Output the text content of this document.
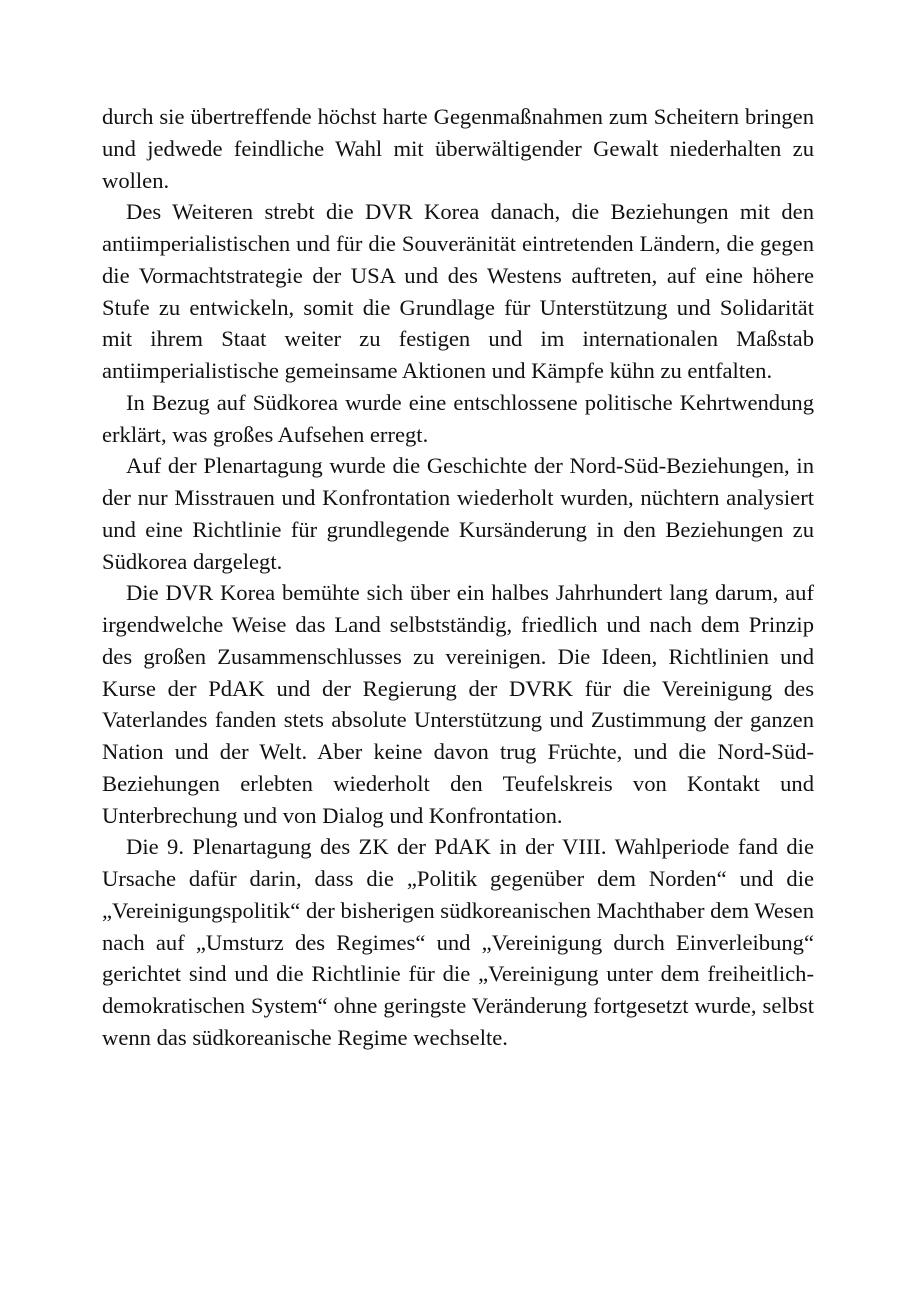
durch sie übertreffende höchst harte Gegenmaßnahmen zum Scheitern bringen und jedwede feindliche Wahl mit überwältigender Gewalt niederhalten zu wollen.

Des Weiteren strebt die DVR Korea danach, die Beziehungen mit den antiimperialistischen und für die Souveränität eintretenden Ländern, die gegen die Vormachtstrategie der USA und des Westens auftreten, auf eine höhere Stufe zu entwickeln, somit die Grundlage für Unterstützung und Solidarität mit ihrem Staat weiter zu festigen und im internationalen Maßstab antiimperialistische gemeinsame Aktionen und Kämpfe kühn zu entfalten.

In Bezug auf Südkorea wurde eine entschlossene politische Kehrtwendung erklärt, was großes Aufsehen erregt.

Auf der Plenartagung wurde die Geschichte der Nord-Süd-Beziehungen, in der nur Misstrauen und Konfrontation wiederholt wurden, nüchtern analysiert und eine Richtlinie für grundlegende Kursänderung in den Beziehungen zu Südkorea dargelegt.

Die DVR Korea bemühte sich über ein halbes Jahrhundert lang darum, auf irgendwelche Weise das Land selbstständig, friedlich und nach dem Prinzip des großen Zusammenschlusses zu vereinigen. Die Ideen, Richtlinien und Kurse der PdAK und der Regierung der DVRK für die Vereinigung des Vaterlandes fanden stets absolute Unterstützung und Zustimmung der ganzen Nation und der Welt. Aber keine davon trug Früchte, und die Nord-Süd-Beziehungen erlebten wiederholt den Teufelskreis von Kontakt und Unterbrechung und von Dialog und Konfrontation.

Die 9. Plenartagung des ZK der PdAK in der VIII. Wahlperiode fand die Ursache dafür darin, dass die „Politik gegenüber dem Norden“ und die „Vereinigungspolitik“ der bisherigen südkoreanischen Machthaber dem Wesen nach auf „Umsturz des Regimes“ und „Vereinigung durch Einverleibung“ gerichtet sind und die Richtlinie für die „Vereinigung unter dem freiheitlich-demokratischen System“ ohne geringste Veränderung fortgesetzt wurde, selbst wenn das südkoreanische Regime wechselte.
